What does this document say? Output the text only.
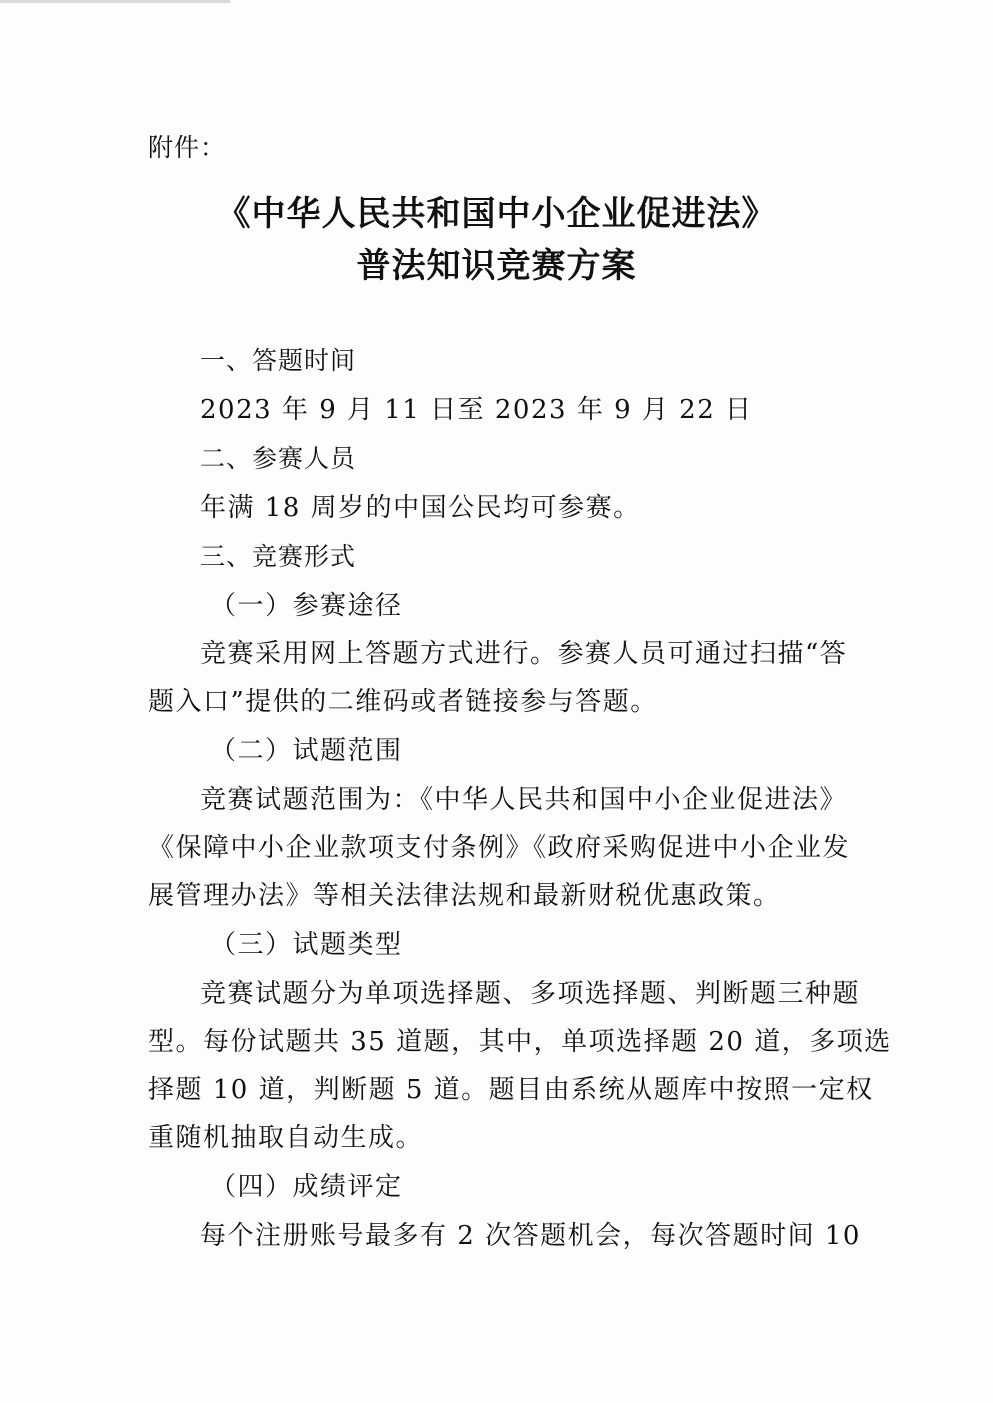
附件：
《中华人民共和国中小企业促进法》
普法知识竞赛方案
一、答题时间
2023 年 9 月 11 日至 2023 年 9 月 22 日
二、参赛人员
年满 18 周岁的中国公民均可参赛。
三、竞赛形式
（一）参赛途径
竞赛采用网上答题方式进行。参赛人员可通过扫描“答
题入口”提供的二维码或者链接参与答题。
（二）试题范围
竞赛试题范围为：《中华人民共和国中小企业促进法》
《保障中小企业款项支付条例》《政府采购促进中小企业发
展管理办法》等相关法律法规和最新财税优惠政策。
（三）试题类型
竞赛试题分为单项选择题、多项选择题、判断题三种题
型。每份试题共 35 道题，其中，单项选择题 20 道，多项选
择题 10 道，判断题 5 道。题目由系统从题库中按照一定权
重随机抽取自动生成。
（四）成绩评定
每个注册账号最多有 2 次答题机会，每次答题时间 10
